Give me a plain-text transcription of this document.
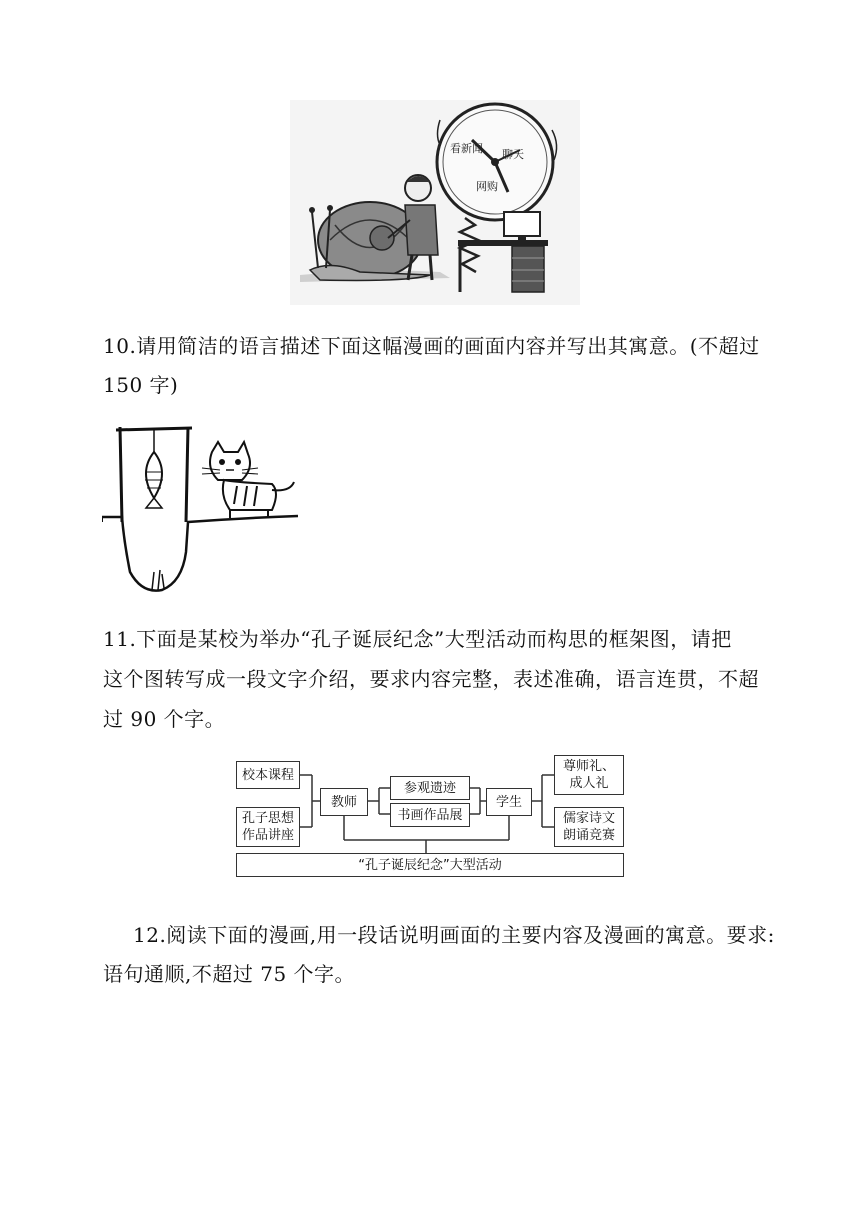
看新闻 聊天
网购
10.请用简洁的语言描述下面这幅漫画的画面内容并写出其寓意。(不超过
150 字)
11.下面是某校为举办“孔子诞辰纪念”大型活动而构思的框架图，请把
这个图转写成一段文字介绍，要求内容完整，表述准确，语言连贯，不超
过 90 个字。
校本课程
孔子思想
作品讲座
教师
参观遗迹
书画作品展
学生
尊师礼、
成人礼
儒家诗文
朗诵竞赛
“孔子诞辰纪念”大型活动
12.阅读下面的漫画,用一段话说明画面的主要内容及漫画的寓意。要求:
语句通顺,不超过 75 个字。
